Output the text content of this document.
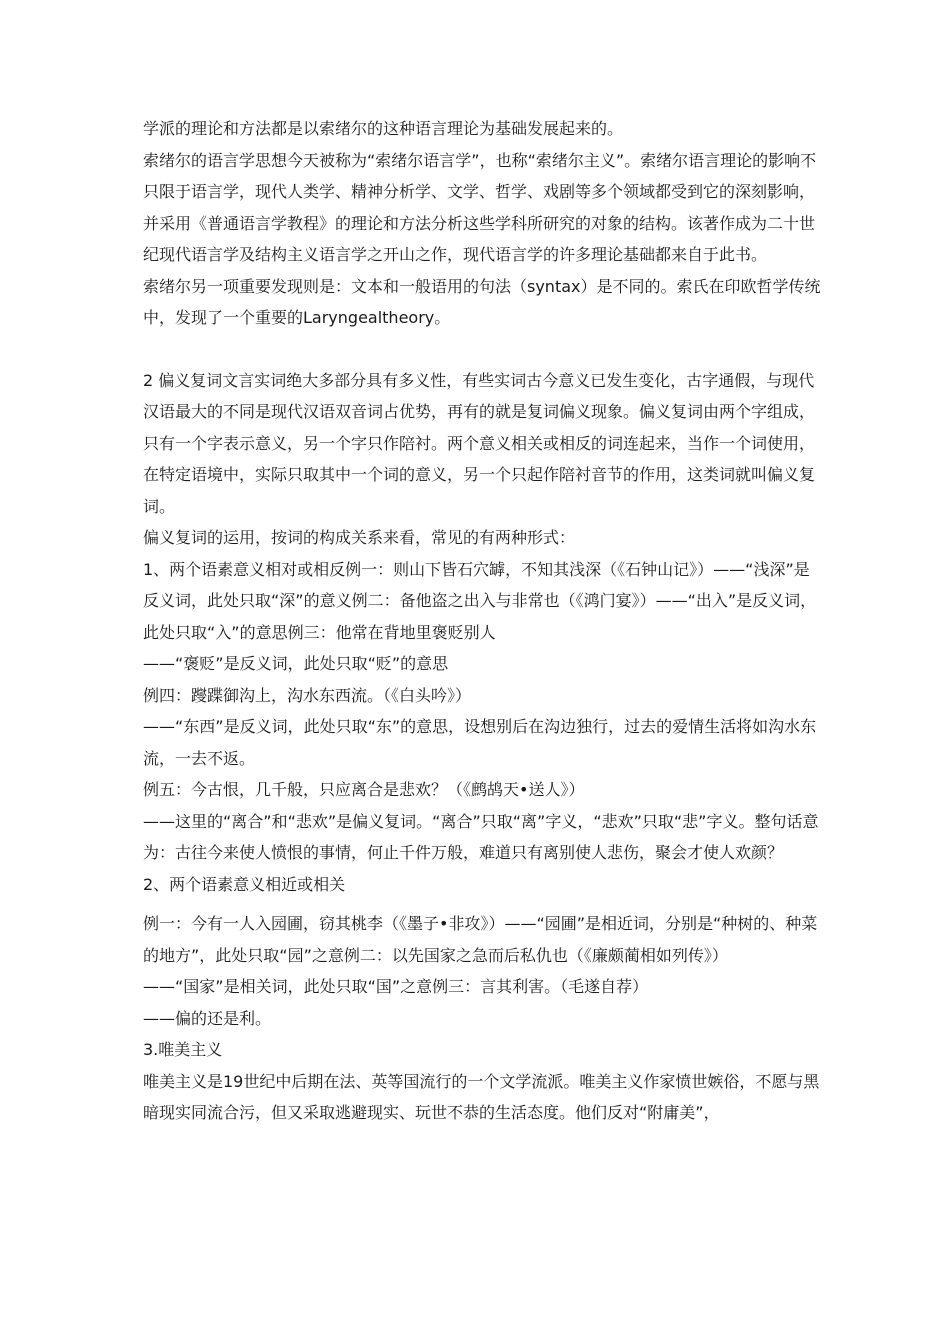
学派的理论和方法都是以索绪尔的这种语言理论为基础发展起来的。

索绪尔的语言学思想今天被称为“索绪尔语言学”，也称“索绪尔主义”。索绪尔语言理论的影响不只限于语言学，现代人类学、精神分析学、文学、哲学、戏剧等多个领域都受到它的深刻影响，并采用《普通语言学教程》的理论和方法分析这些学科所研究的对象的结构。该著作成为二十世纪现代语言学及结构主义语言学之开山之作，现代语言学的许多理论基础都来自于此书。

索绪尔另一项重要发现则是：文本和一般语用的句法（syntax）是不同的。索氏在印欧哲学传统中，发现了一个重要的Laryngealtheory。

2 偏义复词文言实词绝大多部分具有多义性，有些实词古今意义已发生变化，古字通假，与现代汉语最大的不同是现代汉语双音词占优势，再有的就是复词偏义现象。偏义复词由两个字组成，只有一个字表示意义，另一个字只作陪衬。两个意义相关或相反的词连起来，当作一个词使用，在特定语境中，实际只取其中一个词的意义，另一个只起作陪衬音节的作用，这类词就叫偏义复词。

偏义复词的运用，按词的构成关系来看，常见的有两种形式：

1、两个语素意义相对或相反例一：则山下皆石穴罅，不知其浅深（《石钟山记》）——“浅深”是反义词，此处只取“深”的意义例二：备他盗之出入与非常也（《鸿门宴》）——“出入”是反义词，此处只取“入”的意思例三：他常在背地里褒贬别人

——“褒贬”是反义词，此处只取“贬”的意思

例四：躞蹀御沟上，沟水东西流。（《白头吟》）

——“东西”是反义词，此处只取“东”的意思，设想别后在沟边独行，过去的爱情生活将如沟水东流，一去不返。

例五：今古恨，几千般，只应离合是悲欢？（《鹧鸪天•送人》）

——这里的“离合”和“悲欢”是偏义复词。“离合”只取“离”字义，“悲欢”只取“悲”字义。整句话意为：古往今来使人愤恨的事情，何止千件万般，难道只有离别使人悲伤，聚会才使人欢颜？

2、两个语素意义相近或相关

例一：今有一人入园圃，窃其桃李（《墨子•非攻》）——“园圃”是相近词，分别是“种树的、种菜的地方”，此处只取“园”之意例二：以先国家之急而后私仇也（《廉颇蔺相如列传》）

——“国家”是相关词，此处只取“国”之意例三：言其利害。（毛遂自荐）

——偏的还是利。

3.唯美主义

唯美主义是19世纪中后期在法、英等国流行的一个文学流派。唯美主义作家愤世嫉俗，不愿与黑暗现实同流合污，但又采取逃避现实、玩世不恭的生活态度。他们反对“附庸美”，
